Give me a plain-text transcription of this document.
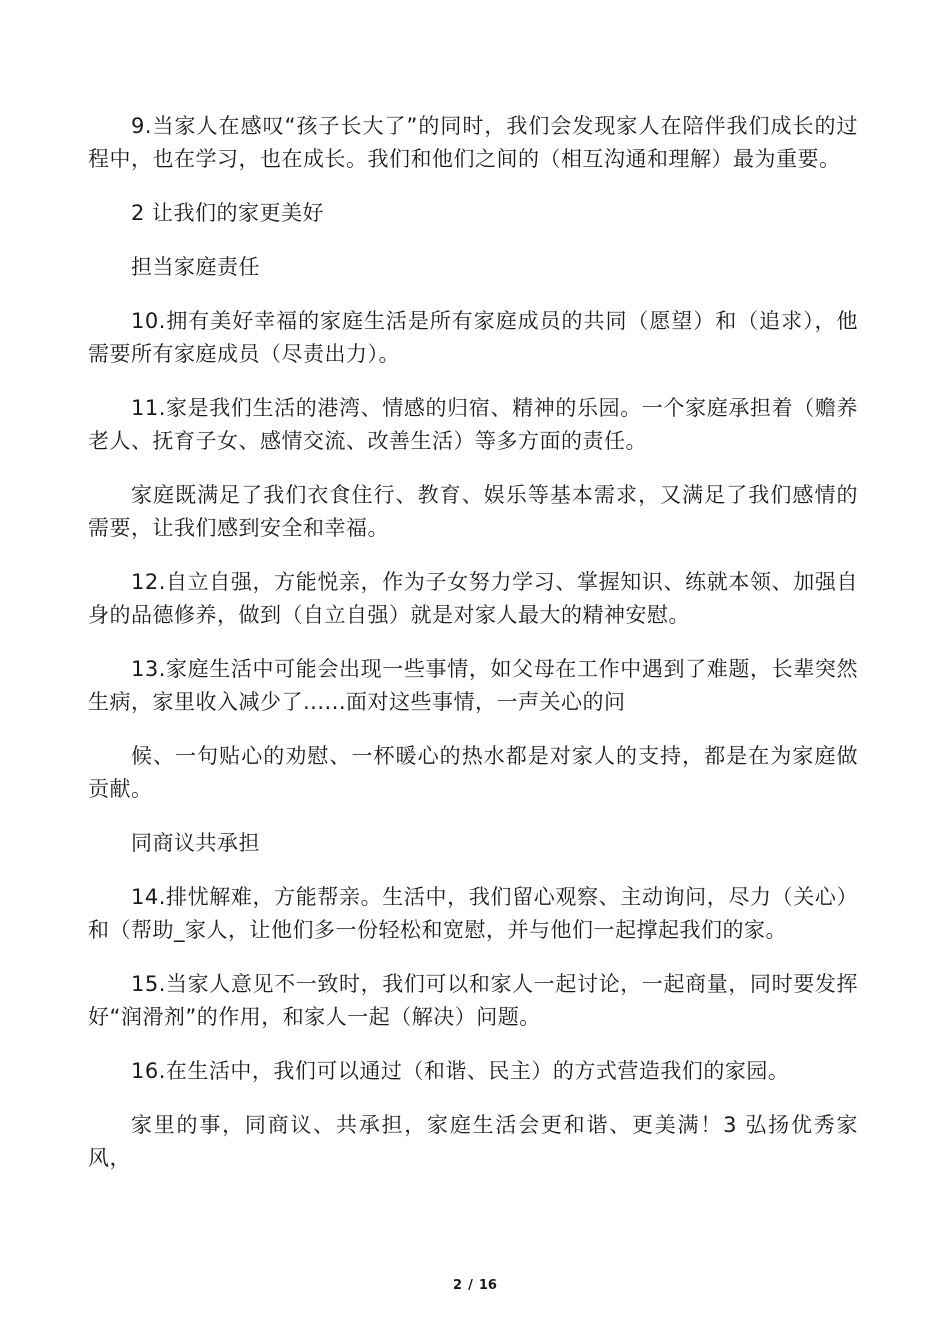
9.当家人在感叹“孩子长大了”的同时，我们会发现家人在陪伴我们成长的过程中，也在学习，也在成长。我们和他们之间的（相互沟通和理解）最为重要。

2 让我们的家更美好

担当家庭责任

10.拥有美好幸福的家庭生活是所有家庭成员的共同（愿望）和（追求），他需要所有家庭成员（尽责出力）。

11.家是我们生活的港湾、情感的归宿、精神的乐园。一个家庭承担着（赡养老人、抚育子女、感情交流、改善生活）等多方面的责任。

家庭既满足了我们衣食住行、教育、娱乐等基本需求，又满足了我们感情的需要，让我们感到安全和幸福。

12.自立自强，方能悦亲，作为子女努力学习、掌握知识、练就本领、加强自身的品德修养，做到（自立自强）就是对家人最大的精神安慰。

13.家庭生活中可能会出现一些事情，如父母在工作中遇到了难题，长辈突然生病，家里收入减少了......面对这些事情，一声关心的问

候、一句贴心的劝慰、一杯暖心的热水都是对家人的支持，都是在为家庭做贡献。

同商议共承担

14.排忧解难，方能帮亲。生活中，我们留心观察、主动询问，尽力（关心）和（帮助_家人，让他们多一份轻松和宽慰，并与他们一起撑起我们的家。

15.当家人意见不一致时，我们可以和家人一起讨论，一起商量，同时要发挥好“润滑剂”的作用，和家人一起（解决）问题。

16.在生活中，我们可以通过（和谐、民主）的方式营造我们的家园。

家里的事，同商议、共承担，家庭生活会更和谐、更美满！3 弘扬优秀家风，

2 / 16
